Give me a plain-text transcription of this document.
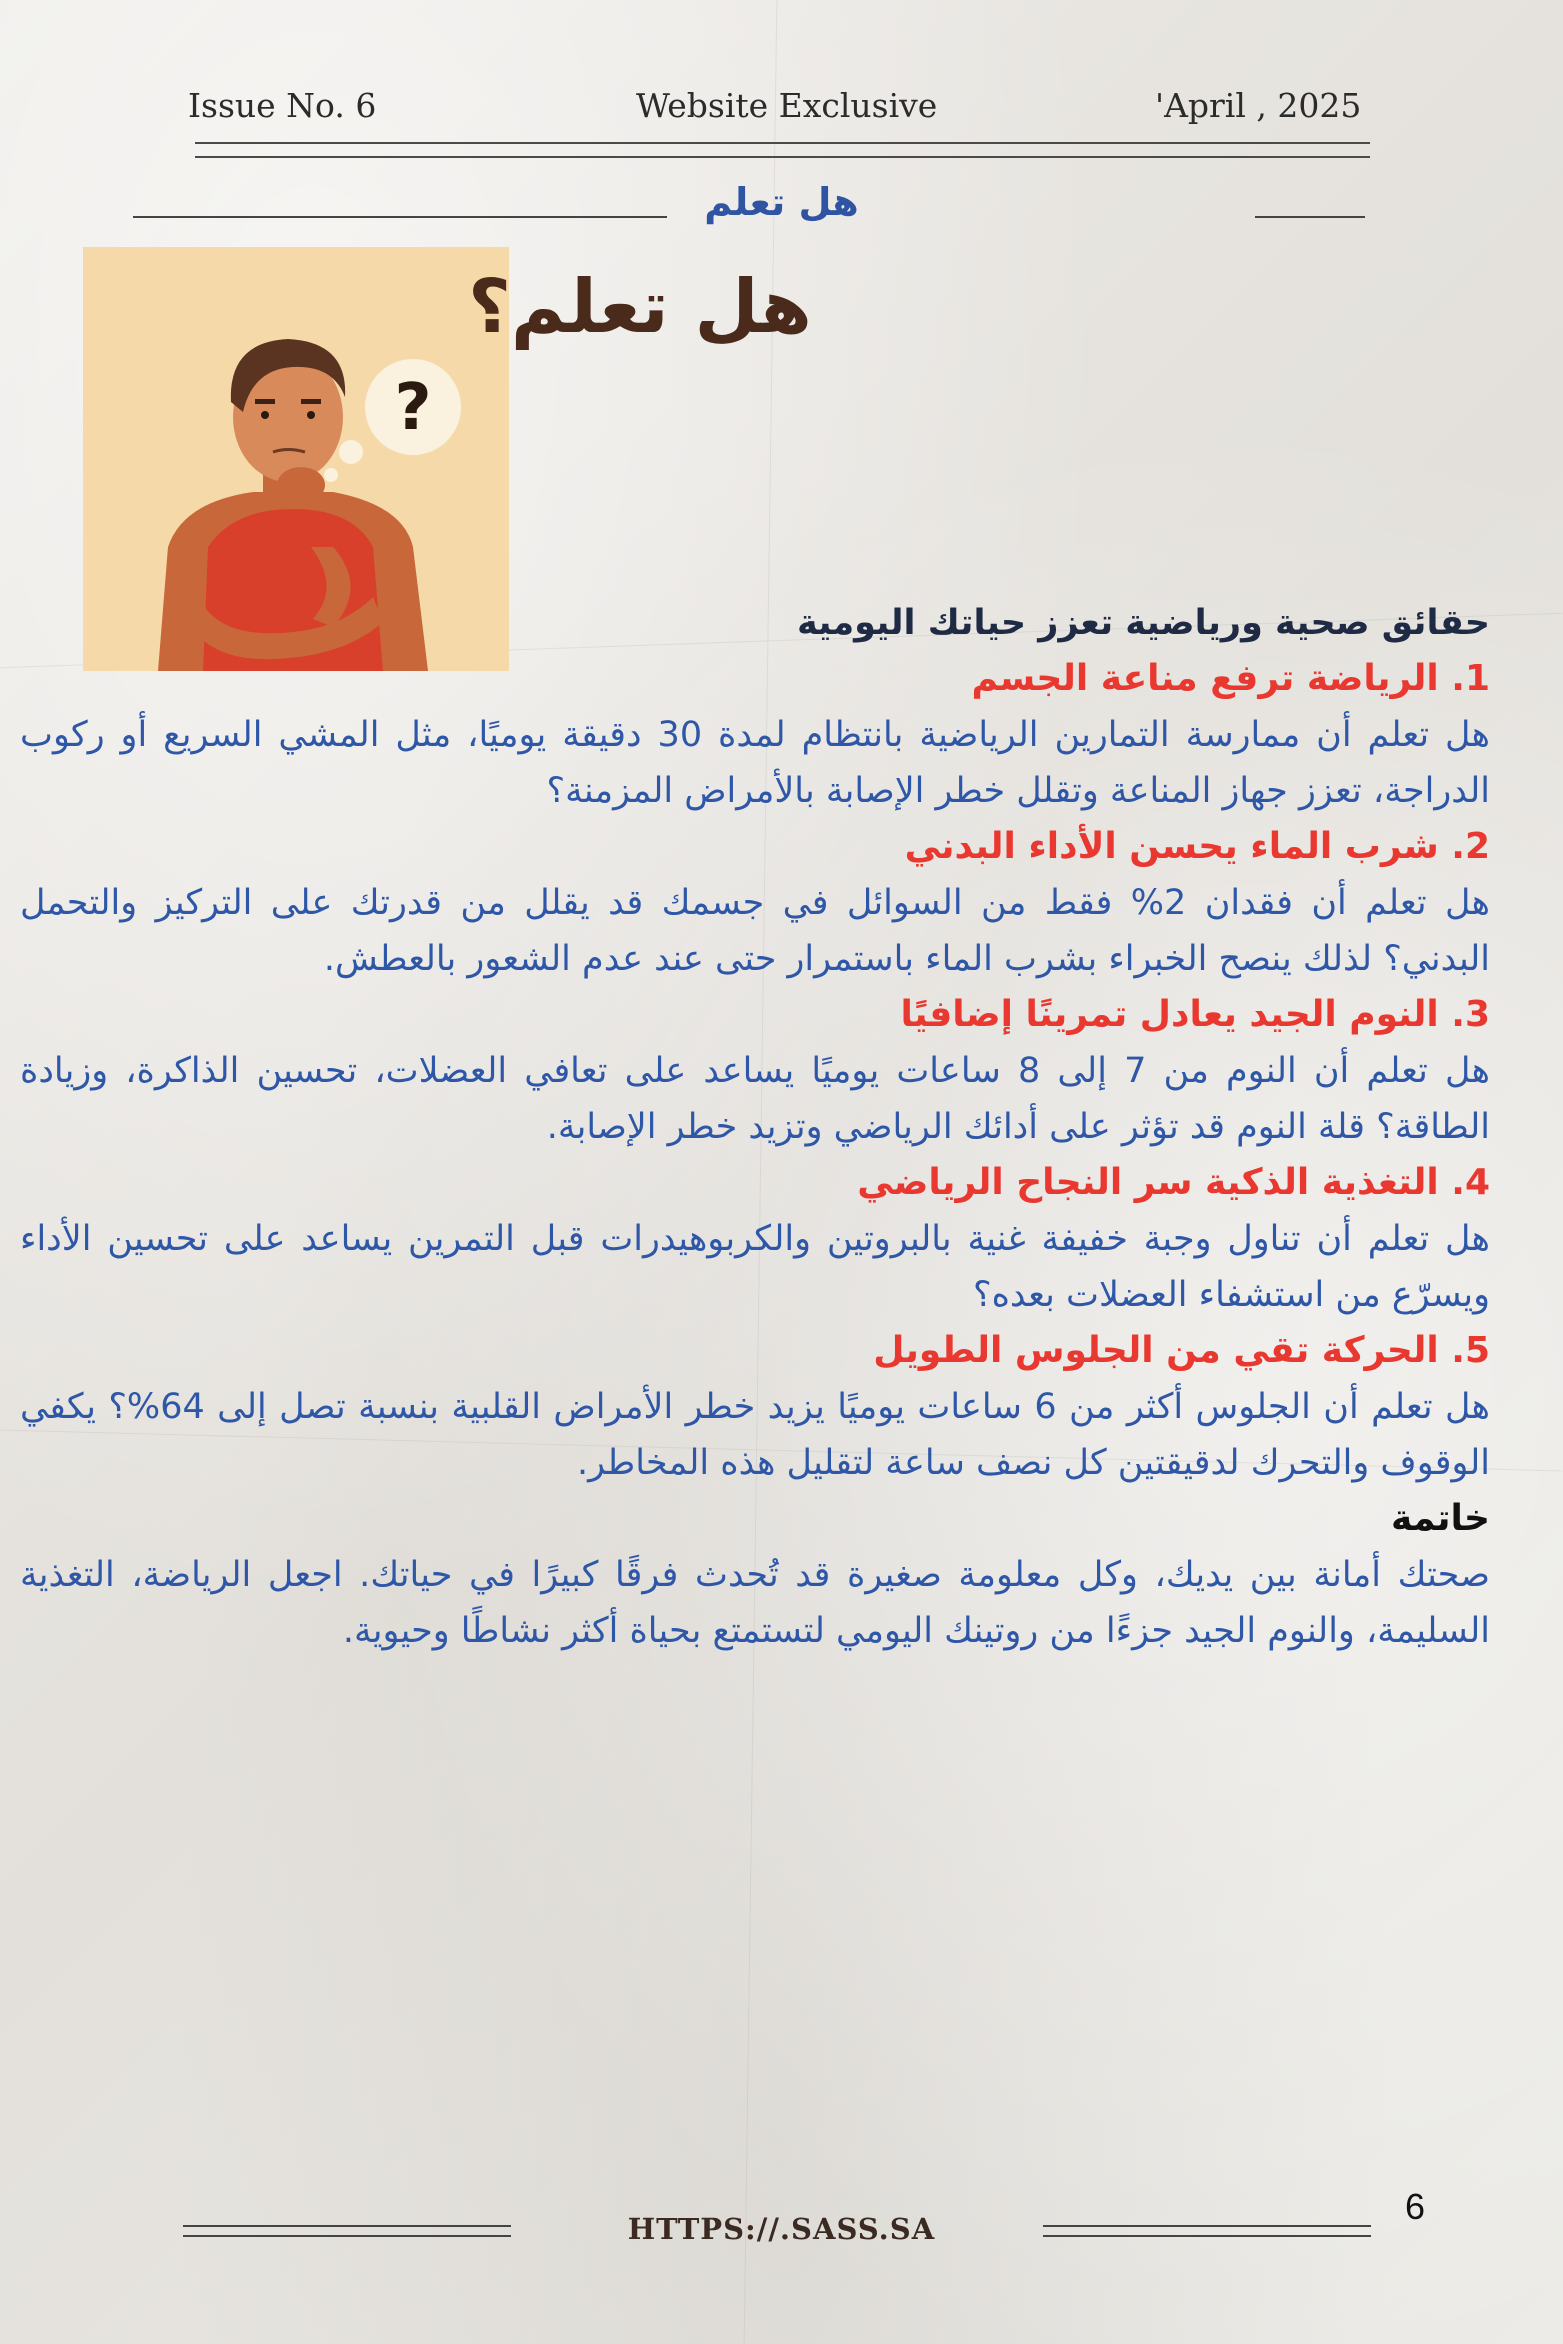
Issue No. 6	Website Exclusive	'April , 2025
هل تعلم
هل تعلم؟
?

حقائق صحية ورياضية تعزز حياتك اليومية

1. الرياضة ترفع مناعة الجسم

هل تعلم أن ممارسة التمارين الرياضية بانتظام لمدة 30 دقيقة يوميًا، مثل المشي السريع أو ركوب الدراجة، تعزز جهاز المناعة وتقلل خطر الإصابة بالأمراض المزمنة؟

2. شرب الماء يحسن الأداء البدني

هل تعلم أن فقدان 2% فقط من السوائل في جسمك قد يقلل من قدرتك على التركيز والتحمل البدني؟ لذلك ينصح الخبراء بشرب الماء باستمرار حتى عند عدم الشعور بالعطش.

3. النوم الجيد يعادل تمرينًا إضافيًا

هل تعلم أن النوم من 7 إلى 8 ساعات يوميًا يساعد على تعافي العضلات، تحسين الذاكرة، وزيادة الطاقة؟ قلة النوم قد تؤثر على أدائك الرياضي وتزيد خطر الإصابة.

4. التغذية الذكية سر النجاح الرياضي

هل تعلم أن تناول وجبة خفيفة غنية بالبروتين والكربوهيدرات قبل التمرين يساعد على تحسين الأداء ويسرّع من استشفاء العضلات بعده؟

5. الحركة تقي من الجلوس الطويل

هل تعلم أن الجلوس أكثر من 6 ساعات يوميًا يزيد خطر الأمراض القلبية بنسبة تصل إلى 64%؟ يكفي الوقوف والتحرك لدقيقتين كل نصف ساعة لتقليل هذه المخاطر.

خاتمة

صحتك أمانة بين يديك، وكل معلومة صغيرة قد تُحدث فرقًا كبيرًا في حياتك. اجعل الرياضة، التغذية السليمة، والنوم الجيد جزءًا من روتينك اليومي لتستمتع بحياة أكثر نشاطًا وحيوية.

HTTPS://.SASS.SA
6
